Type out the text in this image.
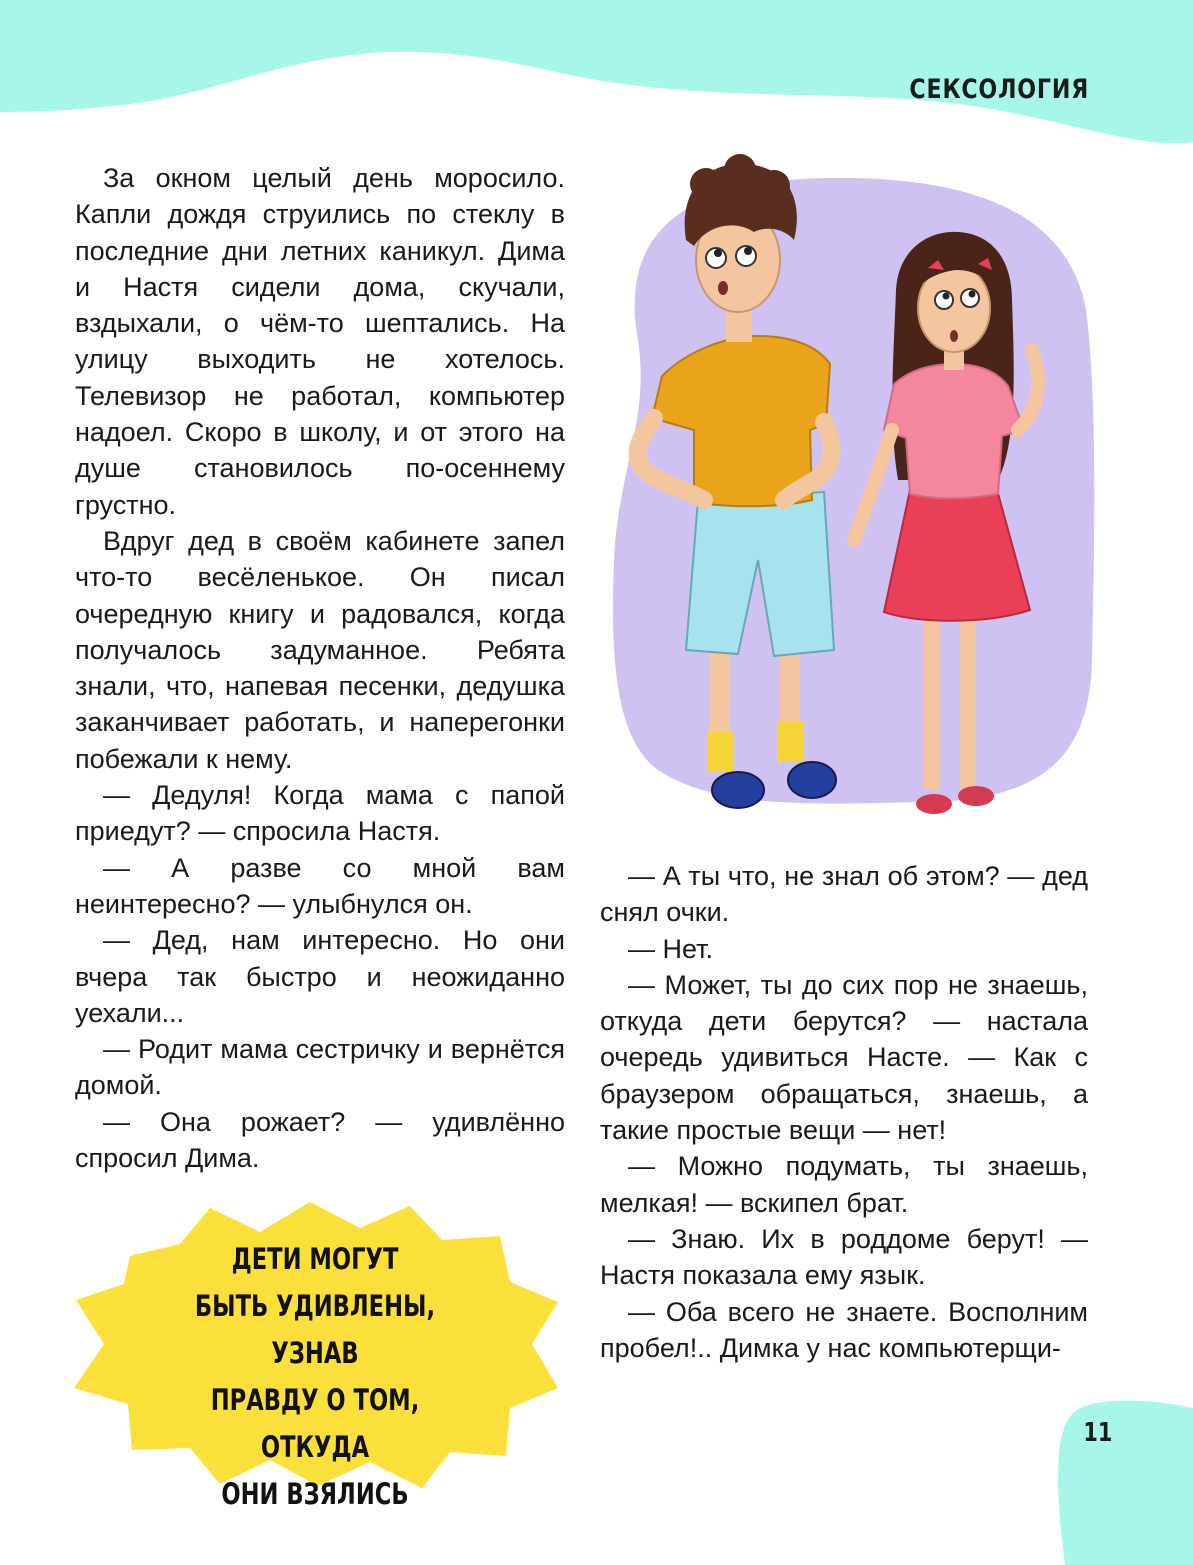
СЕКСОЛОГИЯ

За окном целый день моросило. Капли дождя струились по стеклу в последние дни летних каникул. Дима и Настя сидели дома, скучали, вздыхали, о чём-то шептались. На улицу выходить не хотелось. Телевизор не работал, компьютер надоел. Скоро в школу, и от этого на душе становилось по-осеннему грустно.

Вдруг дед в своём кабинете запел что-то весёленькое. Он писал очередную книгу и радовался, когда получалось задуманное. Ребята знали, что, напевая песенки, дедушка заканчивает работать, и наперегонки побежали к нему.

— Дедуля! Когда мама с папой приедут? — спросила Настя.

— А разве со мной вам неинтересно? — улыбнулся он.

— Дед, нам интересно. Но они вчера так быстро и неожиданно уехали...

— Родит мама сестричку и вернётся домой.

— Она рожает? — удивлённо спросил Дима.

— А ты что, не знал об этом? — дед снял очки.

— Нет.

— Может, ты до сих пор не знаешь, откуда дети берутся? — настала очередь удивиться Насте. — Как с браузером обращаться, знаешь, а такие простые вещи — нет!

— Можно подумать, ты знаешь, мелкая! — вскипел брат.

— Знаю. Их в роддоме берут! — Настя показала ему язык.

— Оба всего не знаете. Восполним пробел!.. Димка у нас компьютерщи-

ДЕТИ МОГУТ
БЫТЬ УДИВЛЕНЫ, УЗНАВ
ПРАВДУ О ТОМ, ОТКУДА
ОНИ ВЗЯЛИСЬ
11
